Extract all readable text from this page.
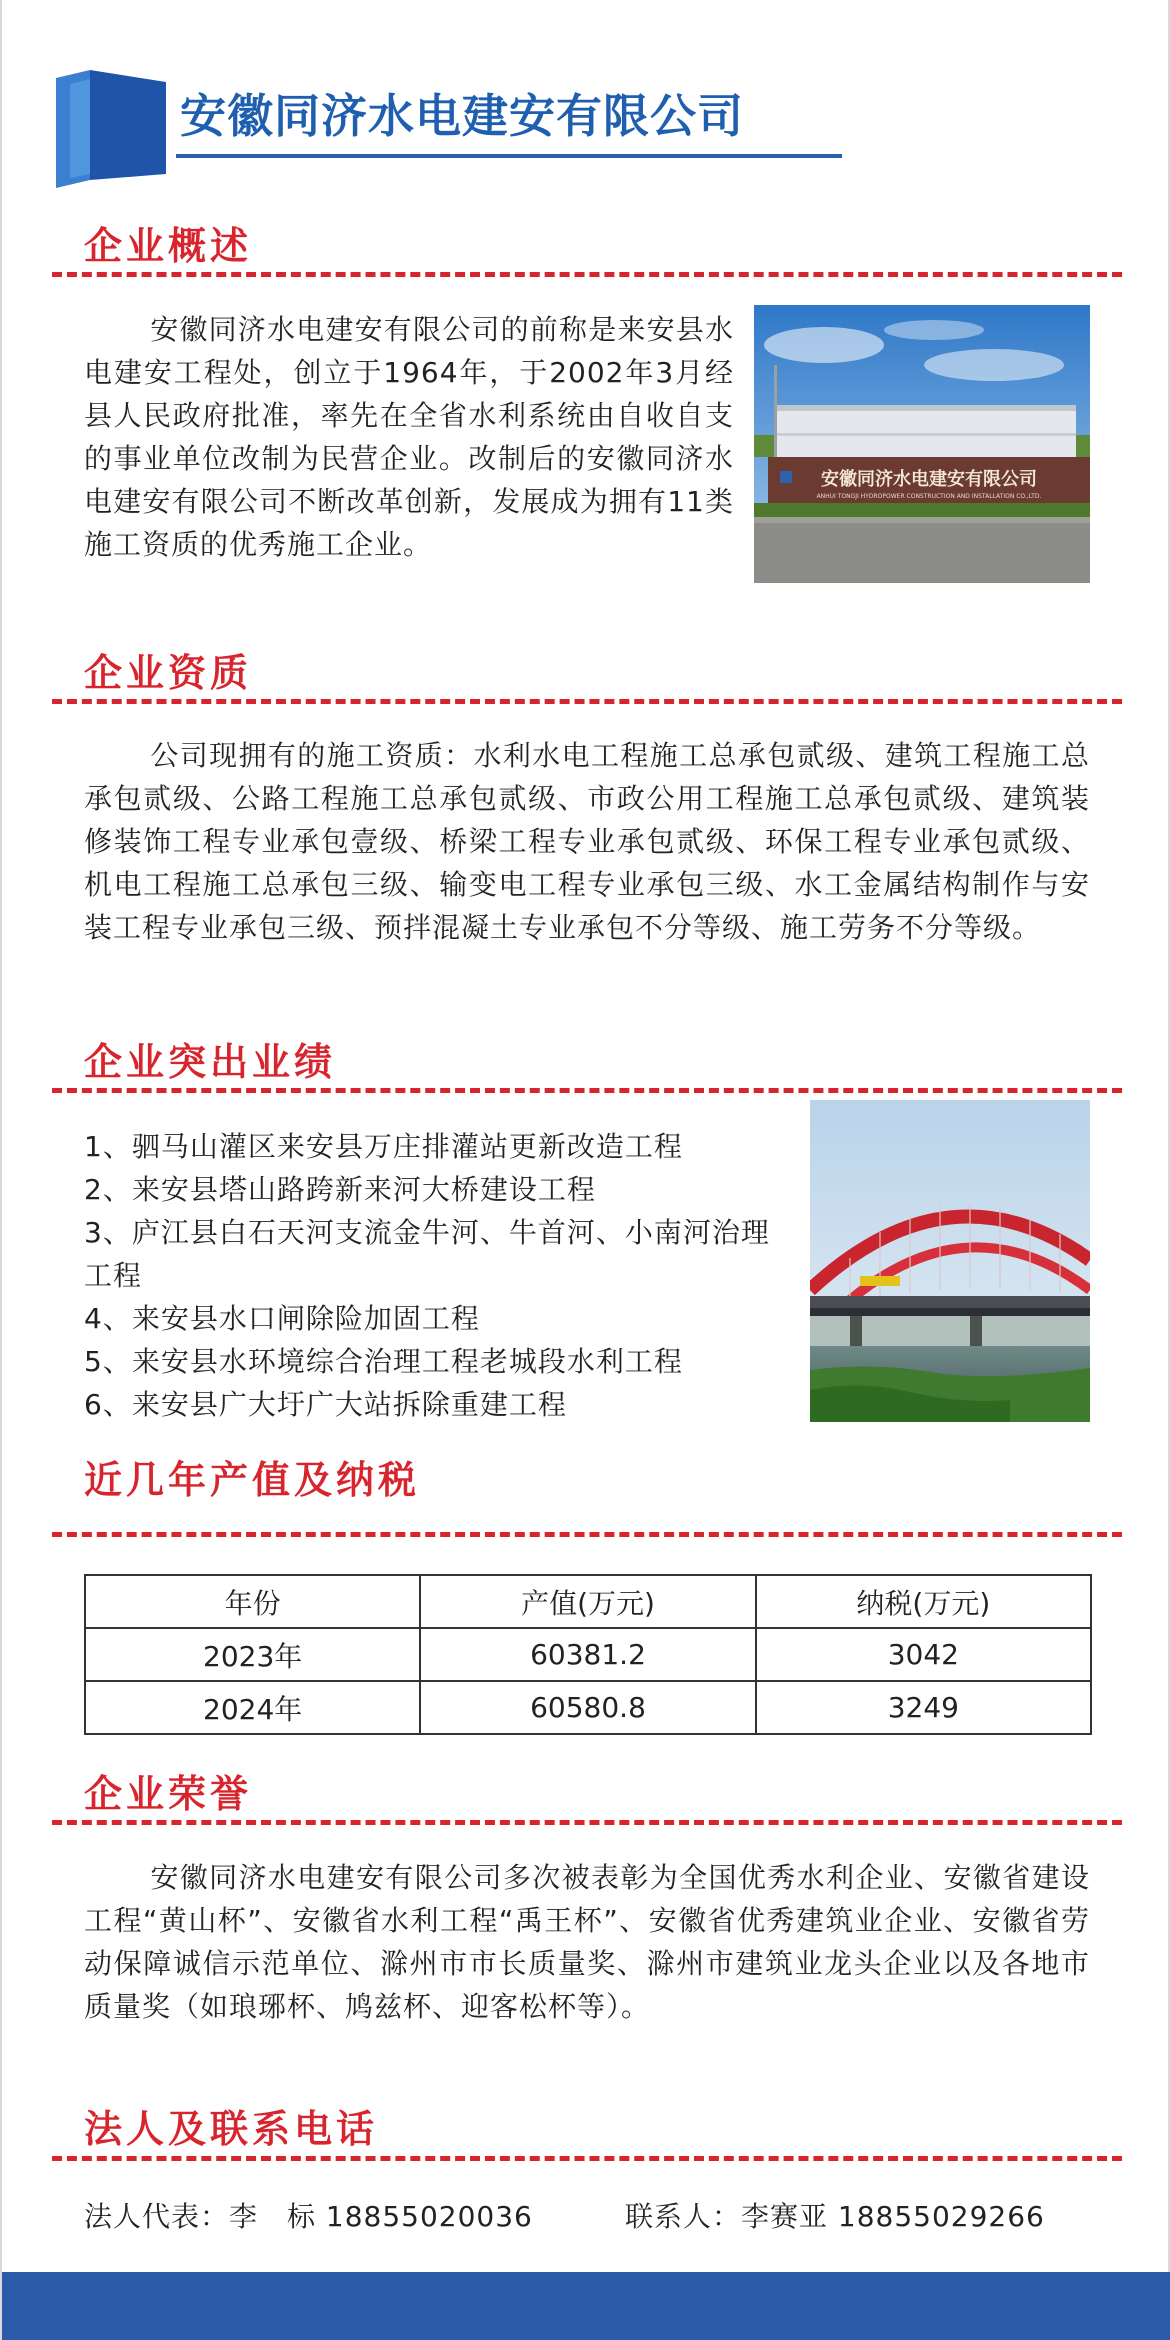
安徽同济水电建安有限公司
企业概述
安徽同济水电建安有限公司的前称是来安县水电建安工程处，创立于1964年，于2002年3月经县人民政府批准，率先在全省水利系统由自收自支的事业单位改制为民营企业。改制后的安徽同济水电建安有限公司不断改革创新，发展成为拥有11类施工资质的优秀施工企业。
安徽同济水电建安有限公司
ANHUI TONGJI HYDROPOWER CONSTRUCTION AND INSTALLATION CO.,LTD.
企业资质
公司现拥有的施工资质：水利水电工程施工总承包贰级、建筑工程施工总承包贰级、公路工程施工总承包贰级、市政公用工程施工总承包贰级、建筑装修装饰工程专业承包壹级、桥梁工程专业承包贰级、环保工程专业承包贰级、机电工程施工总承包三级、输变电工程专业承包三级、水工金属结构制作与安装工程专业承包三级、预拌混凝土专业承包不分等级、施工劳务不分等级。
企业突出业绩
1、驷马山灌区来安县万庄排灌站更新改造工程
2、来安县塔山路跨新来河大桥建设工程
3、庐江县白石天河支流金牛河、牛首河、小南河治理工程
4、来安县水口闸除险加固工程
5、来安县水环境综合治理工程老城段水利工程
6、来安县广大圩广大站拆除重建工程
近几年产值及纳税
年份	产值(万元)	纳税(万元)
2023年	60381.2	3042
2024年	60580.8	3249
企业荣誉
安徽同济水电建安有限公司多次被表彰为全国优秀水利企业、安徽省建设工程“黄山杯”、安徽省水利工程“禹王杯”、安徽省优秀建筑业企业、安徽省劳动保障诚信示范单位、滁州市市长质量奖、滁州市建筑业龙头企业以及各地市质量奖（如琅琊杯、鸠兹杯、迎客松杯等）。
法人及联系电话
法人代表：李　标 18855020036	联系人：李赛亚 18855029266
